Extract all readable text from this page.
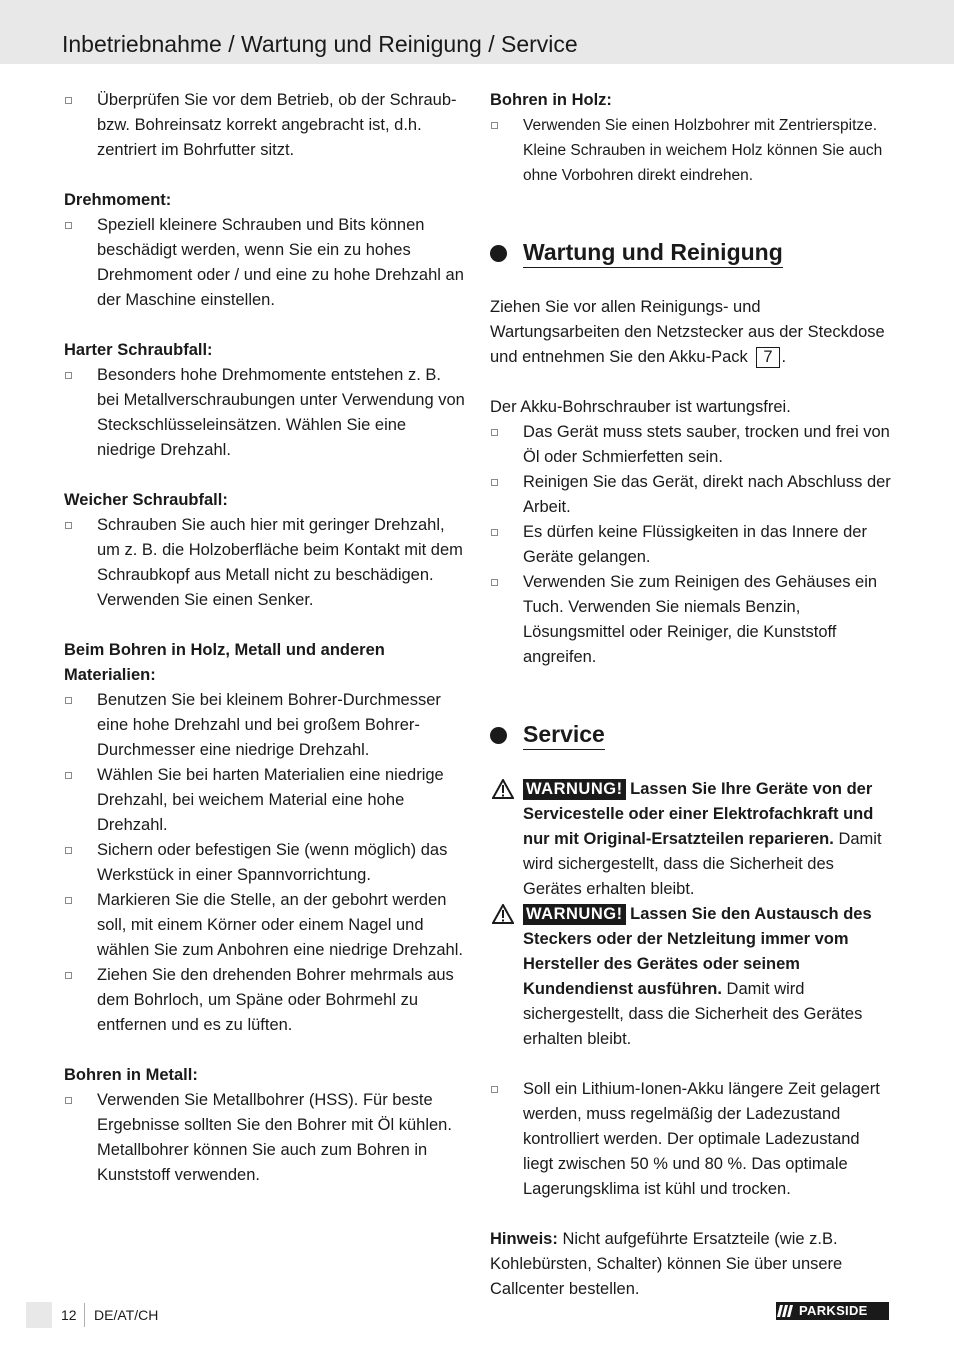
Inbetriebnahme / Wartung und Reinigung / Service
Überprüfen Sie vor dem Betrieb, ob der Schraub- bzw. Bohreinsatz korrekt angebracht ist, d.h. zentriert im Bohrfutter sitzt.
Drehmoment:
Speziell kleinere Schrauben und Bits können beschädigt werden, wenn Sie ein zu hohes Drehmoment oder / und eine zu hohe Drehzahl an der Maschine einstellen.
Harter Schraubfall:
Besonders hohe Drehmomente entstehen z. B. bei Metallverschraubungen unter Verwendung von Steckschlüsseleinsätzen. Wählen Sie eine niedrige Drehzahl.
Weicher Schraubfall:
Schrauben Sie auch hier mit geringer Drehzahl, um z. B. die Holzoberfläche beim Kontakt mit dem Schraubkopf aus Metall nicht zu beschädigen. Verwenden Sie einen Senker.
Beim Bohren in Holz, Metall und anderen Materialien:
Benutzen Sie bei kleinem Bohrer-Durchmesser eine hohe Drehzahl und bei großem Bohrer-Durchmesser eine niedrige Drehzahl.
Wählen Sie bei harten Materialien eine niedrige Drehzahl, bei weichem Material eine hohe Drehzahl.
Sichern oder befestigen Sie (wenn möglich) das Werkstück in einer Spannvorrichtung.
Markieren Sie die Stelle, an der gebohrt werden soll, mit einem Körner oder einem Nagel und wählen Sie zum Anbohren eine niedrige Drehzahl.
Ziehen Sie den drehenden Bohrer mehrmals aus dem Bohrloch, um Späne oder Bohrmehl zu entfernen und es zu lüften.
Bohren in Metall:
Verwenden Sie Metallbohrer (HSS). Für beste Ergebnisse sollten Sie den Bohrer mit Öl kühlen. Metallbohrer können Sie auch zum Bohren in Kunststoff verwenden.
Bohren in Holz:
Verwenden Sie einen Holzbohrer mit Zentrierspitze. Kleine Schrauben in weichem Holz können Sie auch ohne Vorbohren direkt eindrehen.
Wartung und Reinigung
Ziehen Sie vor allen Reinigungs- und Wartungsarbeiten den Netzstecker aus der Steckdose und entnehmen Sie den Akku-Pack 7 .
Der Akku-Bohrschrauber ist wartungsfrei.
Das Gerät muss stets sauber, trocken und frei von Öl oder Schmierfetten sein.
Reinigen Sie das Gerät, direkt nach Abschluss der Arbeit.
Es dürfen keine Flüssigkeiten in das Innere der Geräte gelangen.
Verwenden Sie zum Reinigen des Gehäuses ein Tuch. Verwenden Sie niemals Benzin, Lösungsmittel oder Reiniger, die Kunststoff angreifen.
Service
WARNUNG! Lassen Sie Ihre Geräte von der Servicestelle oder einer Elektrofachkraft und nur mit Original-Ersatzteilen reparieren. Damit wird sichergestellt, dass die Sicherheit des Gerätes erhalten bleibt.
WARNUNG! Lassen Sie den Austausch des Steckers oder der Netzleitung immer vom Hersteller des Gerätes oder seinem Kundendienst ausführen. Damit wird sichergestellt, dass die Sicherheit des Gerätes erhalten bleibt.
Soll ein Lithium-Ionen-Akku längere Zeit gelagert werden, muss regelmäßig der Ladezustand kontrolliert werden. Der optimale Ladezustand liegt zwischen 50 % und 80 %. Das optimale Lagerungsklima ist kühl und trocken.
Hinweis: Nicht aufgeführte Ersatzteile (wie z.B. Kohlebürsten, Schalter) können Sie über unsere Callcenter bestellen.
12 DE/AT/CH	PARKSIDE
